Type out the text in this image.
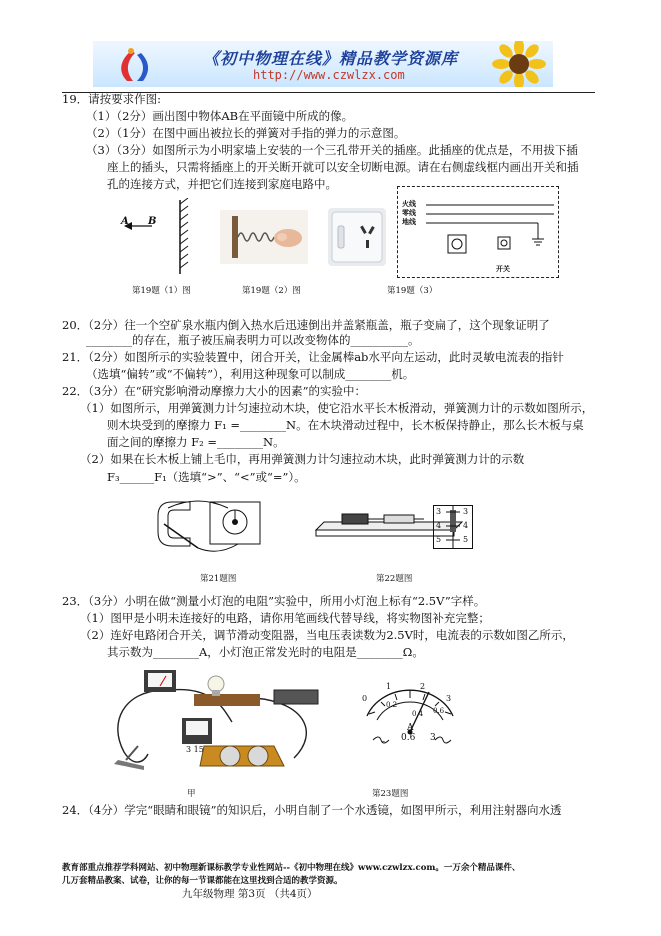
《初中物理在线》精品教学资源库
http://www.czwlzx.com
19．请按要求作图:
（1）（2分）画出图中物体AB在平面镜中所成的像。
（2）（1分）在图中画出被拉长的弹簧对手指的弹力的示意图。
（3）（3分）如图所示为小明家墙上安装的一个三孔带开关的插座。此插座的优点是，不用拔下插
座上的插头，只需将插座上的开关断开就可以安全切断电源。请在右侧虚线框内画出开关和插
孔的连接方式，并把它们连接到家庭电路中。
A B
火线
零线
地线
开关
第19题（1）图	第19题（2）图	第19题（3）
20．（2分）往一个空矿泉水瓶内倒入热水后迅速倒出并盖紧瓶盖，瓶子变扁了，这个现象证明了
________的存在，瓶子被压扁表明力可以改变物体的__________。
21．（2分）如图所示的实验装置中，闭合开关，让金属棒ab水平向左运动，此时灵敏电流表的指针
（选填“偏转”或“不偏转”），利用这种现象可以制成________机。
22．（3分）在“研究影响滑动摩擦力大小的因素”的实验中：
（1）如图所示，用弹簧测力计匀速拉动木块，使它沿水平长木板滑动，弹簧测力计的示数如图所示，
则木块受到的摩擦力 F₁ =________N。在木块滑动过程中，长木板保持静止，那么长木板与桌
面之间的摩擦力 F₂ =________N。
（2）如果在长木板上铺上毛巾，再用弹簧测力计匀速拉动木块，此时弹簧测力计的示数
F₃______F₁（选填“>”、“<”或“=”）。
3
4
5
3
4
5
第21题图	第22题图
23．（3分）小明在做“测量小灯泡的电阻”实验中，所用小灯泡上标有“2.5V”字样。
（1）图甲是小明未连接好的电路，请你用笔画线代替导线，将实物图补充完整；
（2）连好电路闭合开关，调节滑动变阻器，当电压表读数为2.5V时，电流表的示数如图乙所示，
其示数为________A，小灯泡正常发光时的电阻是________Ω。
3 15
0
1	2
3
0.2
0.4 0.6
A
- 0.6 3
甲	第23题图
24．（4分）学完“眼睛和眼镜”的知识后，小明自制了一个水透镜，如图甲所示，利用注射器向水透
教育部重点推荐学科网站、初中物理新课标教学专业性网站--《初中物理在线》www.czwlzx.com。一万余个精品课件、
几万套精品教案、试卷，让你的每一节课都能在这里找到合适的教学资源。
九年级物理 第3页 （共4页）
